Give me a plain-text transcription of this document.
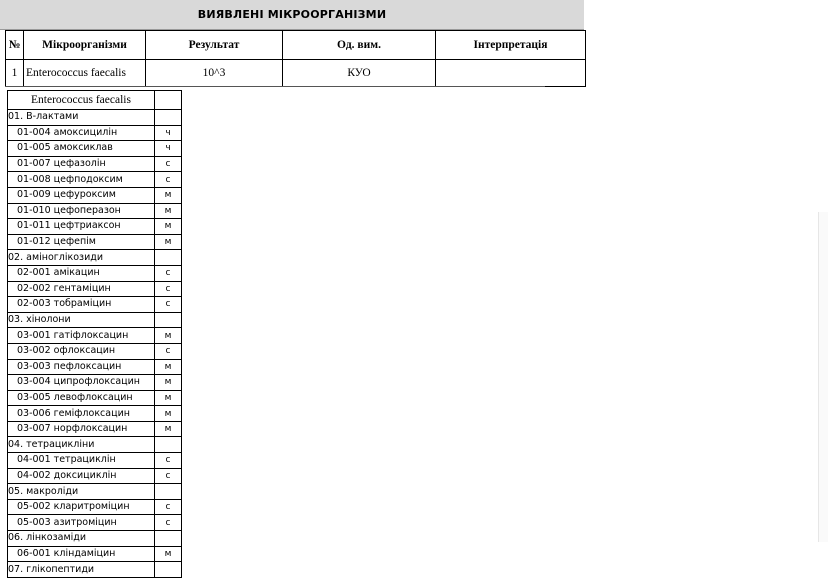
ВИЯВЛЕНІ МІКРООРГАНІЗМИ
№	Мікроорганізми	Результат	Од. вим.	Інтерпретація
1	Enterococcus faecalis	10^3	КУО	
Enterococcus faecalis	
01. B-лактами	
01-004 амоксицилін	ч
01-005 амоксиклав	ч
01-007 цефазолін	с
01-008 цефподоксим	с
01-009 цефуроксим	м
01-010 цефоперазон	м
01-011 цефтриаксон	м
01-012 цефепім	м
02. аміноглікозиди	
02-001 амікацин	с
02-002 гентаміцин	с
02-003 тобраміцин	с
03. хінолони	
03-001 гатіфлоксацин	м
03-002 офлоксацин	с
03-003 пефлоксацин	м
03-004 ципрофлоксацин	м
03-005 левофлоксацин	м
03-006 геміфлоксацин	м
03-007 норфлоксацин	м
04. тетрацикліни	
04-001 тетрациклін	с
04-002 доксициклін	с
05. макроліди	
05-002 кларитроміцин	с
05-003 азитроміцин	с
06. лінкозаміди	
06-001 кліндаміцин	м
07. глікопептиди	
